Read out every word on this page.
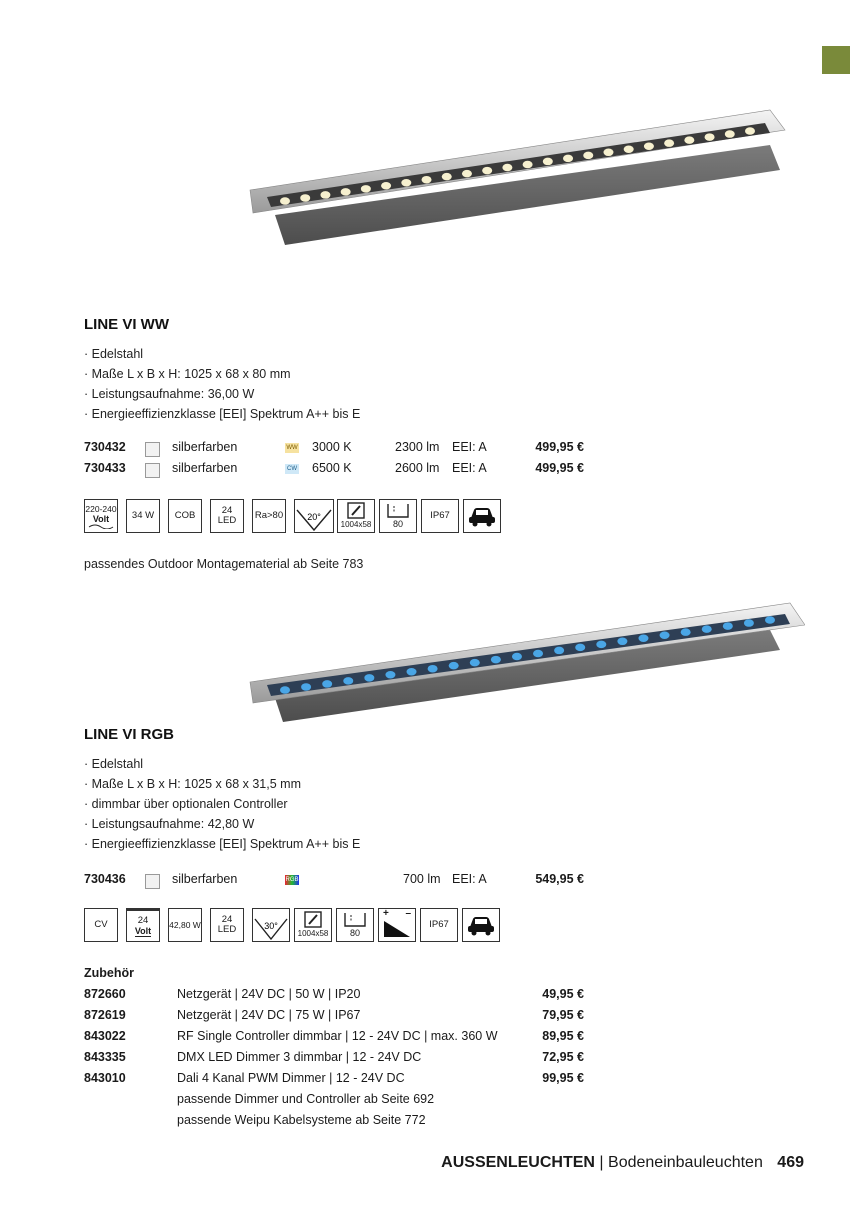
LINE VI WW
· Edelstahl
· Maße L x B x H: 1025 x 68 x 80 mm
· Leistungsaufnahme: 36,00 W
· Energieeffizienzklasse [EEI] Spektrum A++ bis E
730432	silberfarben	WW 3000 K	2300 lm EEI: A	499,95 €
730433	silberfarben	CW 6500 K	2600 lm EEI: A	499,95 €
220-240
Volt 34 W COB	24
LED Ra>80	20°
1004x58 80
IP67
passendes Outdoor Montagematerial ab Seite 783
LINE VI RGB
· Edelstahl
· Maße L x B x H: 1025 x 68 x 31,5 mm
· dimmbar über optionalen Controller
· Leistungsaufnahme: 42,80 W
· Energieeffizienzklasse [EEI] Spektrum A++ bis E
730436	silberfarben	RGB	700 lm EEI: A	549,95 €
CV	24
Volt
42,80 W 24
LED	30°
1004x58 80
+ –
IP67
Zubehör
872660	Netzgerät | 24V DC | 50 W | IP20	49,95 €
872619	Netzgerät | 24V DC | 75 W | IP67	79,95 €
843022	RF Single Controller dimmbar | 12 - 24V DC | max. 360 W	89,95 €
843335	DMX LED Dimmer 3 dimmbar | 12 - 24V DC	72,95 €
843010	Dali 4 Kanal PWM Dimmer | 12 - 24V DC	99,95 €
passende Dimmer und Controller ab Seite 692
passende Weipu Kabelsysteme ab Seite 772
AUSSENLEUCHTEN | Bodeneinbauleuchten 469
